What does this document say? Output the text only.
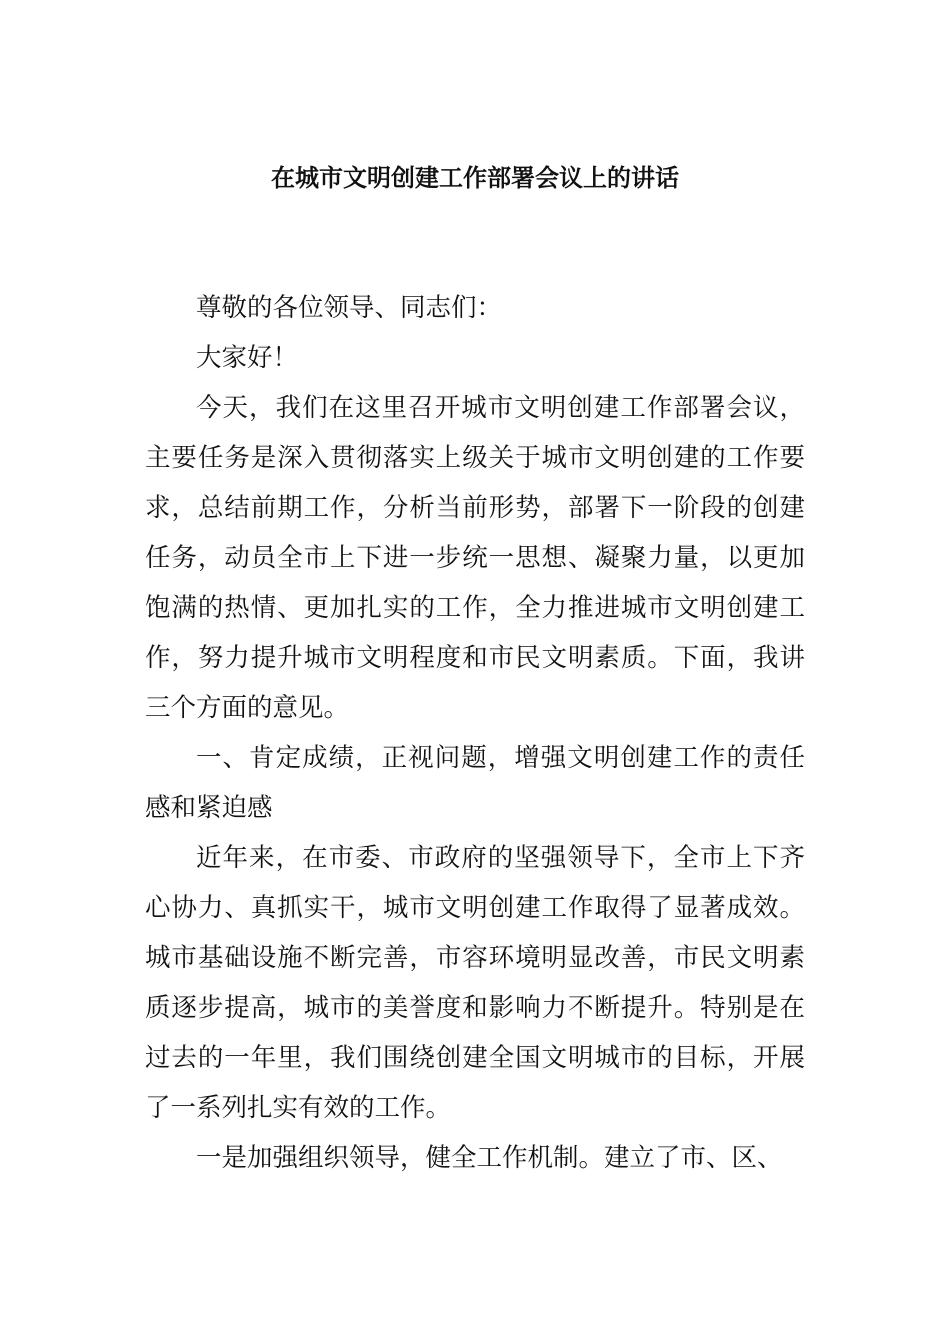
在城市文明创建工作部署会议上的讲话

尊敬的各位领导、同志们：

大家好！

今天，我们在这里召开城市文明创建工作部署会议，主要任务是深入贯彻落实上级关于城市文明创建的工作要求，总结前期工作，分析当前形势，部署下一阶段的创建任务，动员全市上下进一步统一思想、凝聚力量，以更加饱满的热情、更加扎实的工作，全力推进城市文明创建工作，努力提升城市文明程度和市民文明素质。下面，我讲三个方面的意见。

一、肯定成绩，正视问题，增强文明创建工作的责任感和紧迫感

近年来，在市委、市政府的坚强领导下，全市上下齐心协力、真抓实干，城市文明创建工作取得了显著成效。城市基础设施不断完善，市容环境明显改善，市民文明素质逐步提高，城市的美誉度和影响力不断提升。特别是在过去的一年里，我们围绕创建全国文明城市的目标，开展了一系列扎实有效的工作。

一是加强组织领导，健全工作机制。建立了市、区、
